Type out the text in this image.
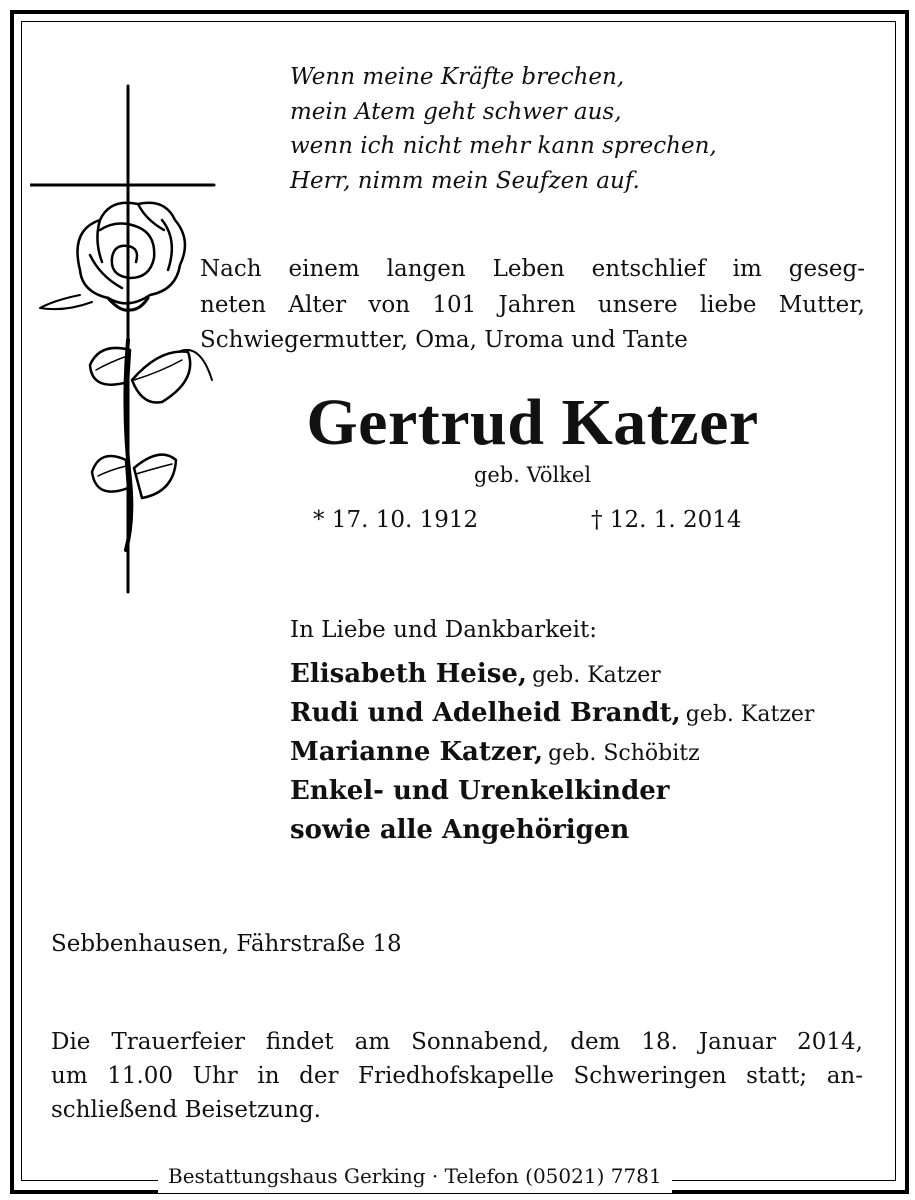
Wenn meine Kräfte brechen,
mein Atem geht schwer aus,
wenn ich nicht mehr kann sprechen,
Herr, nimm mein Seufzen auf.
Nach einem langen Leben entschlief im geseg-
neten Alter von 101 Jahren unsere liebe Mutter,
Schwiegermutter, Oma, Uroma und Tante
Gertrud Katzer
geb. Völkel
* 17. 10. 1912	† 12. 1. 2014
In Liebe und Dankbarkeit:
Elisabeth Heise, geb. Katzer
Rudi und Adelheid Brandt, geb. Katzer
Marianne Katzer, geb. Schöbitz
Enkel- und Urenkelkinder
sowie alle Angehörigen
Sebbenhausen, Fährstraße 18
Die Trauerfeier findet am Sonnabend, dem 18. Januar 2014,
um 11.00 Uhr in der Friedhofskapelle Schweringen statt; an-
schließend Beisetzung.
Bestattungshaus Gerking · Telefon (05021) 7781
